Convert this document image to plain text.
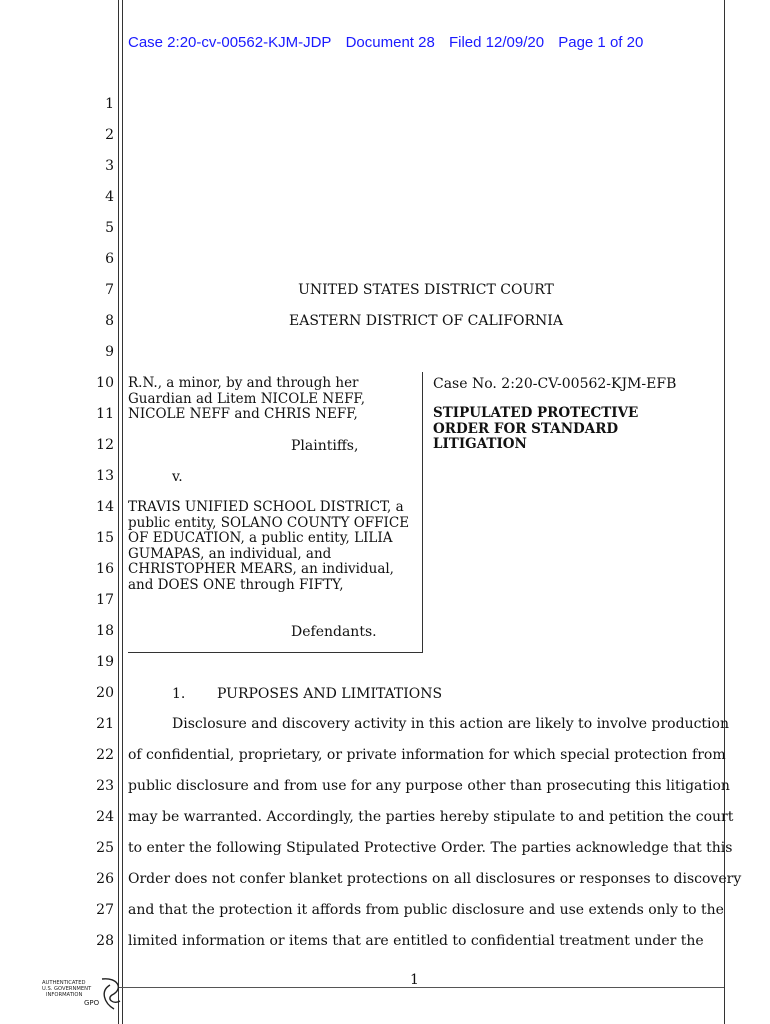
Case 2:20-cv-00562-KJM-JDP Document 28 Filed 12/09/20 Page 1 of 20
1
2
3
4
5
6
7
8
9
10
11
12
13
14
15
16
17
18
19
20
21
22
23
24
25
26
27
28
UNITED STATES DISTRICT COURT
EASTERN DISTRICT OF CALIFORNIA
R.N., a minor, by and through her Guardian ad Litem NICOLE NEFF, NICOLE NEFF and CHRIS NEFF,
Plaintiffs,
v.
TRAVIS UNIFIED SCHOOL DISTRICT, a public entity, SOLANO COUNTY OFFICE OF EDUCATION, a public entity, LILIA GUMAPAS, an individual, and CHRISTOPHER MEARS, an individual, and DOES ONE through FIFTY,
Defendants.
Case No. 2:20-CV-00562-KJM-EFB
STIPULATED PROTECTIVE ORDER FOR STANDARD LITIGATION
1. PURPOSES AND LIMITATIONS
Disclosure and discovery activity in this action are likely to involve production
of confidential, proprietary, or private information for which special protection from
public disclosure and from use for any purpose other than prosecuting this litigation
may be warranted. Accordingly, the parties hereby stipulate to and petition the court
to enter the following Stipulated Protective Order. The parties acknowledge that this
Order does not confer blanket protections on all disclosures or responses to discovery
and that the protection it affords from public disclosure and use extends only to the
limited information or items that are entitled to confidential treatment under the
1
AUTHENTICATED
U.S. GOVERNMENT
INFORMATION
GPO
